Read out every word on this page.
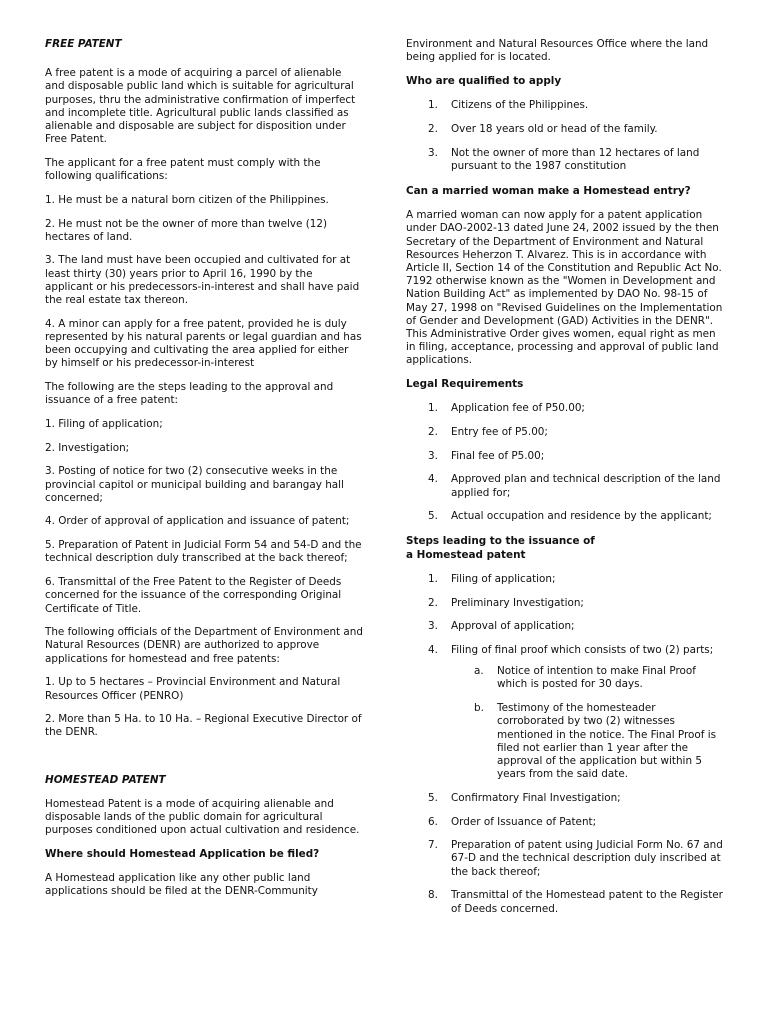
FREE PATENT

A free patent is a mode of acquiring a parcel of alienable and disposable public land which is suitable for agricultural purposes, thru the administrative confirmation of imperfect and incomplete title. Agricultural public lands classified as alienable and disposable are subject for disposition under Free Patent.

The applicant for a free patent must comply with the following qualifications:

1. He must be a natural born citizen of the Philippines.

2. He must not be the owner of more than twelve (12) hectares of land.

3. The land must have been occupied and cultivated for at least thirty (30) years prior to April 16, 1990 by the applicant or his predecessors-in-interest and shall have paid the real estate tax thereon.

4. A minor can apply for a free patent, provided he is duly represented by his natural parents or legal guardian and has been occupying and cultivating the area applied for either by himself or his predecessor-in-interest

The following are the steps leading to the approval and issuance of a free patent:

1. Filing of application;

2. Investigation;

3. Posting of notice for two (2) consecutive weeks in the provincial capitol or municipal building and barangay hall concerned;

4. Order of approval of application and issuance of patent;

5. Preparation of Patent in Judicial Form 54 and 54-D and the technical description duly transcribed at the back thereof;

6. Transmittal of the Free Patent to the Register of Deeds concerned for the issuance of the corresponding Original Certificate of Title.

The following officials of the Department of Environment and Natural Resources (DENR) are authorized to approve applications for homestead and free patents:

1. Up to 5 hectares – Provincial Environment and Natural Resources Officer (PENRO)

2. More than 5 Ha. to 10 Ha. – Regional Executive Director of the DENR.

HOMESTEAD PATENT

Homestead Patent is a mode of acquiring alienable and disposable lands of the public domain for agricultural purposes conditioned upon actual cultivation and residence.

Where should Homestead Application be filed?

A Homestead application like any other public land applications should be filed at the DENR-Community

Environment and Natural Resources Office where the land being applied for is located.

Who are qualified to apply

1. Citizens of the Philippines.
2. Over 18 years old or head of the family.
3. Not the owner of more than 12 hectares of land pursuant to the 1987 constitution

Can a married woman make a Homestead entry?

A married woman can now apply for a patent application under DAO-2002-13 dated June 24, 2002 issued by the then Secretary of the Department of Environment and Natural Resources Heherzon T. Alvarez. This is in accordance with Article II, Section 14 of the Constitution and Republic Act No. 7192 otherwise known as the "Women in Development and Nation Building Act" as implemented by DAO No. 98-15 of May 27, 1998 on "Revised Guidelines on the Implementation of Gender and Development (GAD) Activities in the DENR". This Administrative Order gives women, equal right as men in filing, acceptance, processing and approval of public land applications.

Legal Requirements

1. Application fee of P50.00;
2. Entry fee of P5.00;
3. Final fee of P5.00;
4. Approved plan and technical description of the land applied for;
5. Actual occupation and residence by the applicant;

Steps leading to the issuance of

a Homestead patent

1. Filing of application;
2. Preliminary Investigation;
3. Approval of application;
4. Filing of final proof which consists of two (2) parts;
a. Notice of intention to make Final Proof which is posted for 30 days.
b. Testimony of the homesteader corroborated by two (2) witnesses mentioned in the notice. The Final Proof is filed not earlier than 1 year after the approval of the application but within 5 years from the said date.
5. Confirmatory Final Investigation;
6. Order of Issuance of Patent;
7. Preparation of patent using Judicial Form No. 67 and 67-D and the technical description duly inscribed at the back thereof;
8. Transmittal of the Homestead patent to the Register of Deeds concerned.
